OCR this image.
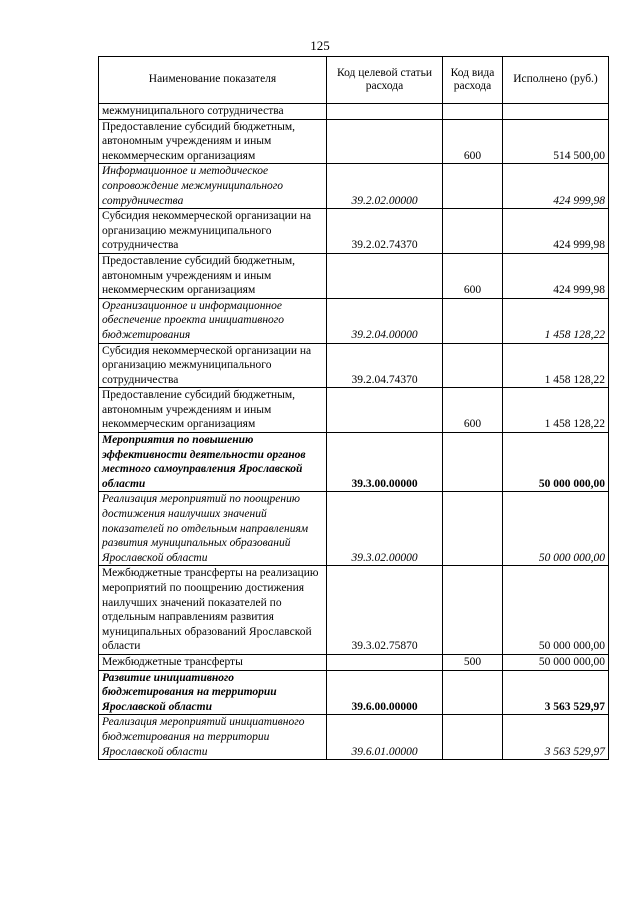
125
Наименование показателя	Код целевой статьи расхода	Код вида расхода	Исполнено (руб.)
межмуниципального сотрудничества			
Предоставление субсидий бюджетным, автономным учреждениям и иным некоммерческим организациям		600	514 500,00
Информационное и методическое сопровождение межмуниципального сотрудничества	39.2.02.00000		424 999,98
Субсидия некоммерческой организации на организацию межмуниципального сотрудничества	39.2.02.74370		424 999,98
Предоставление субсидий бюджетным, автономным учреждениям и иным некоммерческим организациям		600	424 999,98
Организационное и информационное обеспечение проекта инициативного бюджетирования	39.2.04.00000		1 458 128,22
Субсидия некоммерческой организации на организацию межмуниципального сотрудничества	39.2.04.74370		1 458 128,22
Предоставление субсидий бюджетным, автономным учреждениям и иным некоммерческим организациям		600	1 458 128,22
Мероприятия по повышению эффективности деятельности органов местного самоуправления Ярославской области	39.3.00.00000		50 000 000,00
Реализация мероприятий по поощрению достижения наилучших значений показателей по отдельным направлениям развития муниципальных образований Ярославской области	39.3.02.00000		50 000 000,00
Межбюджетные трансферты на реализацию мероприятий по поощрению достижения наилучших значений показателей по отдельным направлениям развития муниципальных образований Ярославской области	39.3.02.75870		50 000 000,00
Межбюджетные трансферты		500	50 000 000,00
Развитие инициативного бюджетирования на территории Ярославской области	39.6.00.00000		3 563 529,97
Реализация мероприятий инициативного бюджетирования на территории Ярославской области	39.6.01.00000		3 563 529,97
